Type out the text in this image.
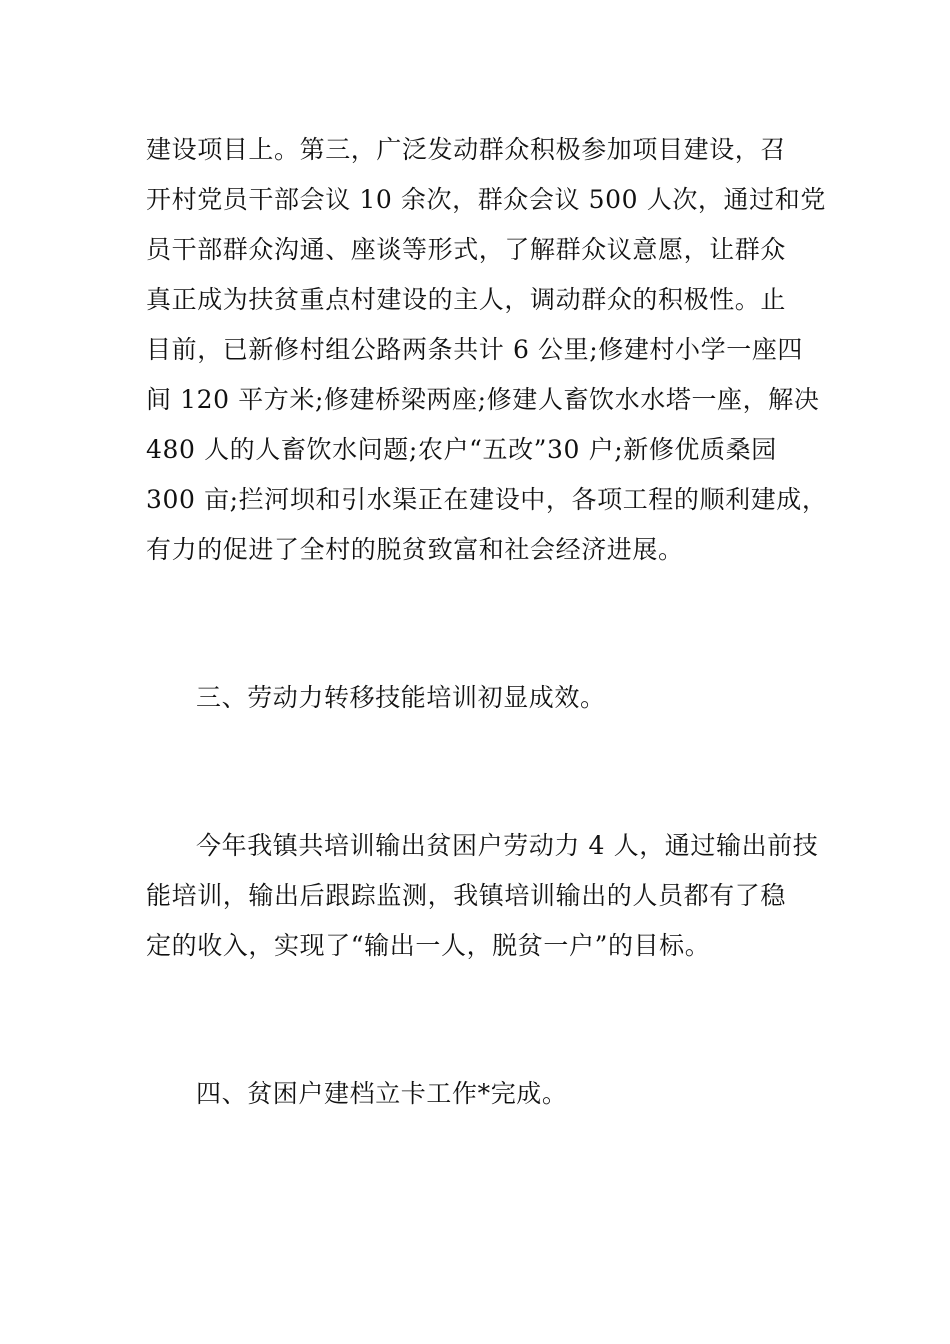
建设项目上。第三，广泛发动群众积极参加项目建设，召
开村党员干部会议 10 余次，群众会议 500 人次，通过和党
员干部群众沟通、座谈等形式，了解群众议意愿，让群众
真正成为扶贫重点村建设的主人，调动群众的积极性。止
目前，已新修村组公路两条共计 6 公里;修建村小学一座四
间 120 平方米;修建桥梁两座;修建人畜饮水水塔一座，解决
480 人的人畜饮水问题;农户“五改”30 户;新修优质桑园
300 亩;拦河坝和引水渠正在建设中，各项工程的顺利建成，
有力的促进了全村的脱贫致富和社会经济进展。
三、劳动力转移技能培训初显成效。
今年我镇共培训输出贫困户劳动力 4 人，通过输出前技
能培训，输出后跟踪监测，我镇培训输出的人员都有了稳
定的收入，实现了“输出一人，脱贫一户”的目标。
四、贫困户建档立卡工作*完成。
